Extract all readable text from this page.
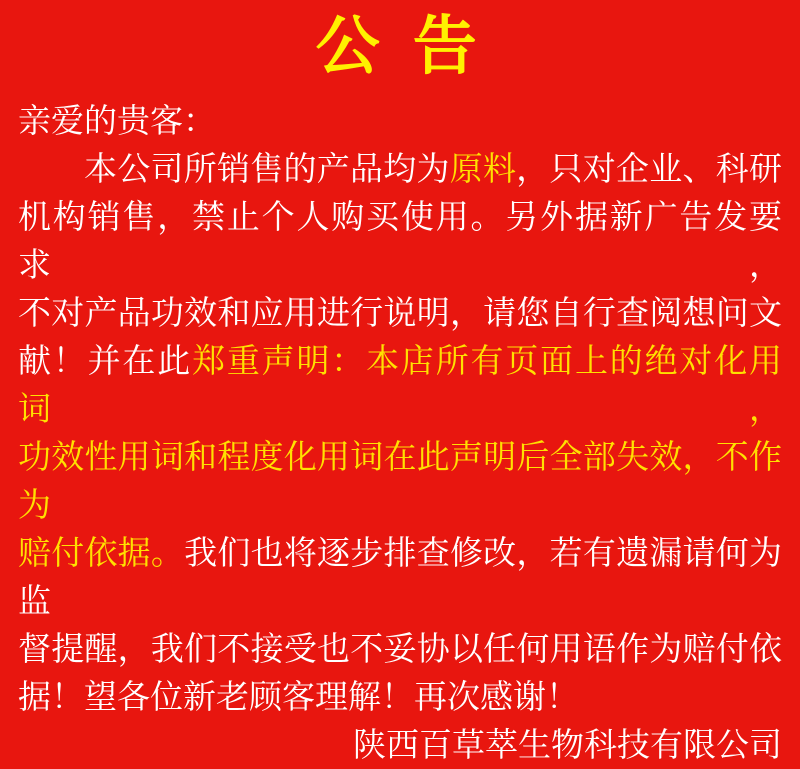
公 告
亲爱的贵客：
本公司所销售的产品均为原料，只对企业、科研
机构销售，禁止个人购买使用。另外据新广告发要求，
不对产品功效和应用进行说明，请您自行查阅想问文
献！并在此郑重声明：本店所有页面上的绝对化用词，
功效性用词和程度化用词在此声明后全部失效，不作为
赔付依据。我们也将逐步排查修改，若有遗漏请何为监
督提醒，我们不接受也不妥协以任何用语作为赔付依
据！望各位新老顾客理解！再次感谢！
陕西百草萃生物科技有限公司
